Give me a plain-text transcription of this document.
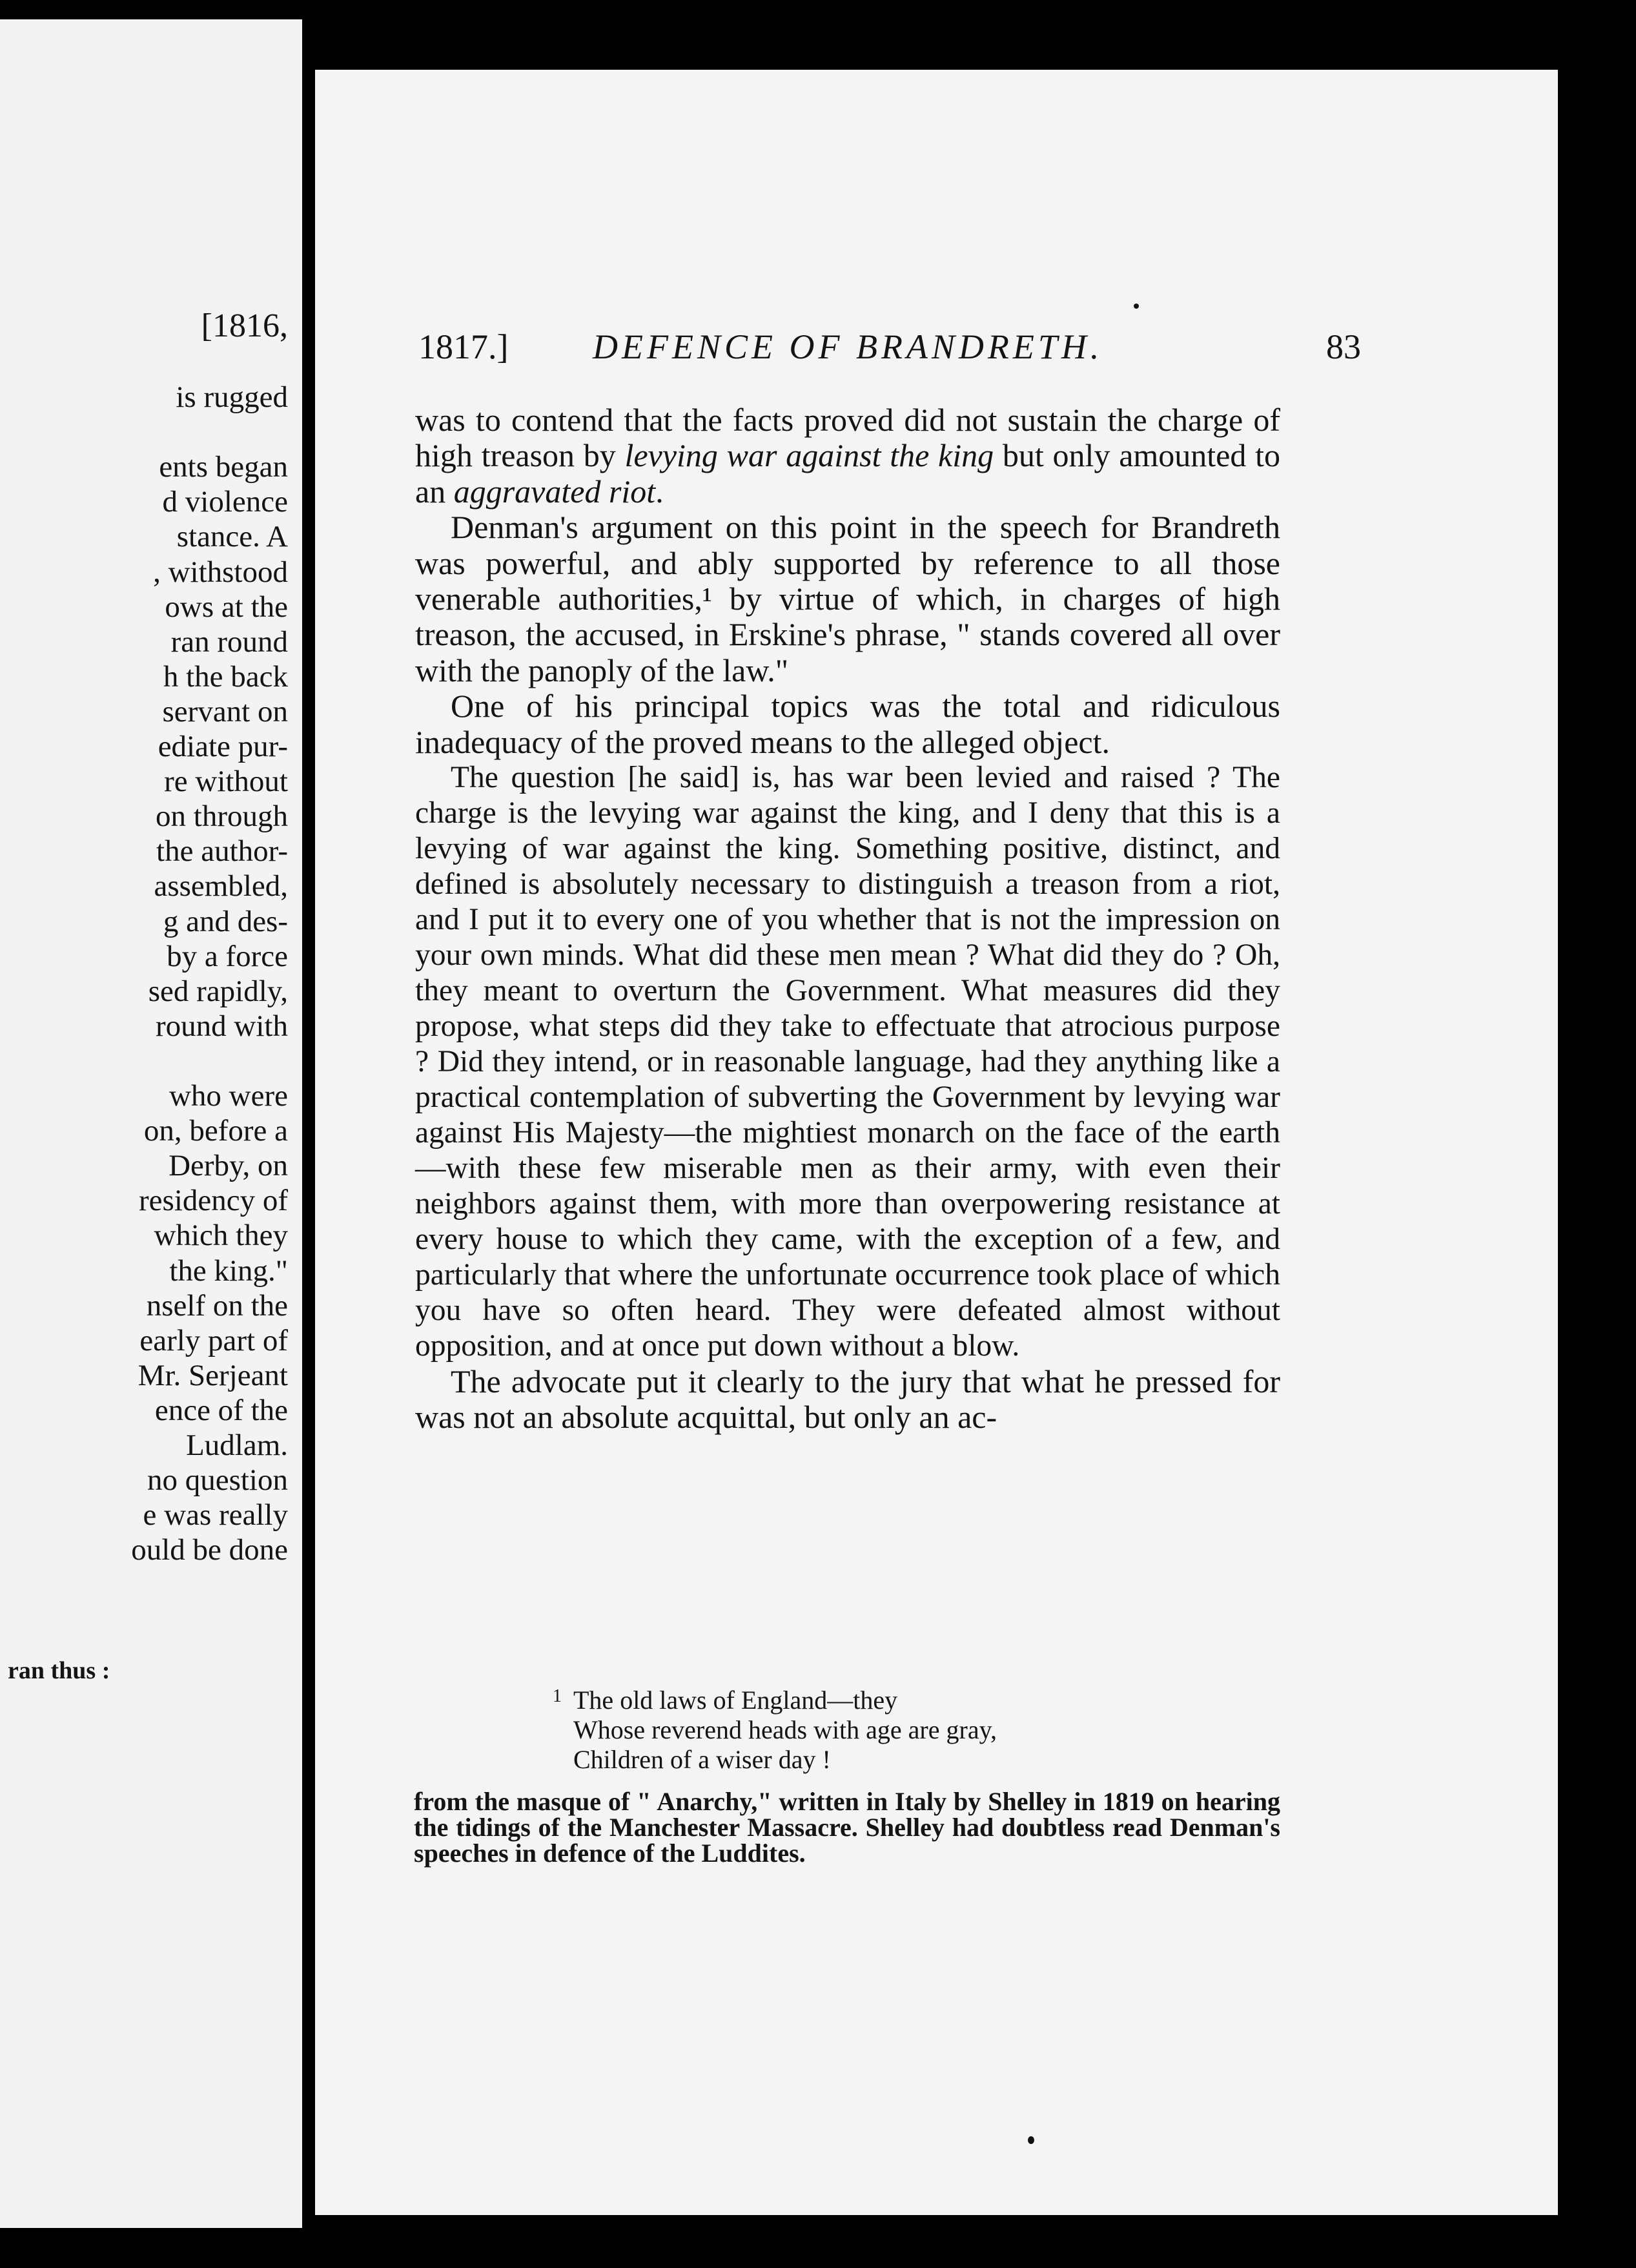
[1816,
is rugged
ents began
d violence
stance. A
, withstood
ows at the
ran round
h the back
servant on
ediate pur-
re without
on through
the author-
assembled,
g and des-
by a force
sed rapidly,
round with
who were
on, before a
Derby, on
residency of
which they
the king."
nself on the
early part of
Mr. Serjeant
ence of the
Ludlam.
no question
e was really
ould be done
ran thus :
1817.] DEFENCE OF BRANDRETH.	83

was to contend that the facts proved did not sustain the charge of high treason by levying war against the king but only amounted to an aggravated riot.

Denman's argument on this point in the speech for Brandreth was powerful, and ably supported by reference to all those venerable authorities,¹ by virtue of which, in charges of high treason, the accused, in Erskine's phrase, " stands covered all over with the panoply of the law."

One of his principal topics was the total and ridiculous inadequacy of the proved means to the alleged object.

The question [he said] is, has war been levied and raised ? The charge is the levying war against the king, and I deny that this is a levying of war against the king. Something positive, distinct, and defined is absolutely necessary to distinguish a treason from a riot, and I put it to every one of you whether that is not the impression on your own minds. What did these men mean ? What did they do ? Oh, they meant to overturn the Government. What measures did they propose, what steps did they take to effectuate that atrocious purpose ? Did they intend, or in reasonable language, had they anything like a practical contemplation of subverting the Government by levying war against His Majesty—the mightiest monarch on the face of the earth—with these few miserable men as their army, with even their neighbors against them, with more than overpowering resistance at every house to which they came, with the exception of a few, and particularly that where the unfortunate occurrence took place of which you have so often heard. They were defeated almost without opposition, and at once put down without a blow.

The advocate put it clearly to the jury that what he pressed for was not an absolute acquittal, but only an ac-

1 The old laws of England—they
Whose reverend heads with age are gray,
Children of a wiser day !
from the masque of " Anarchy," written in Italy by Shelley in 1819 on hearing the tidings of the Manchester Massacre. Shelley had doubtless read Denman's speeches in defence of the Luddites.
